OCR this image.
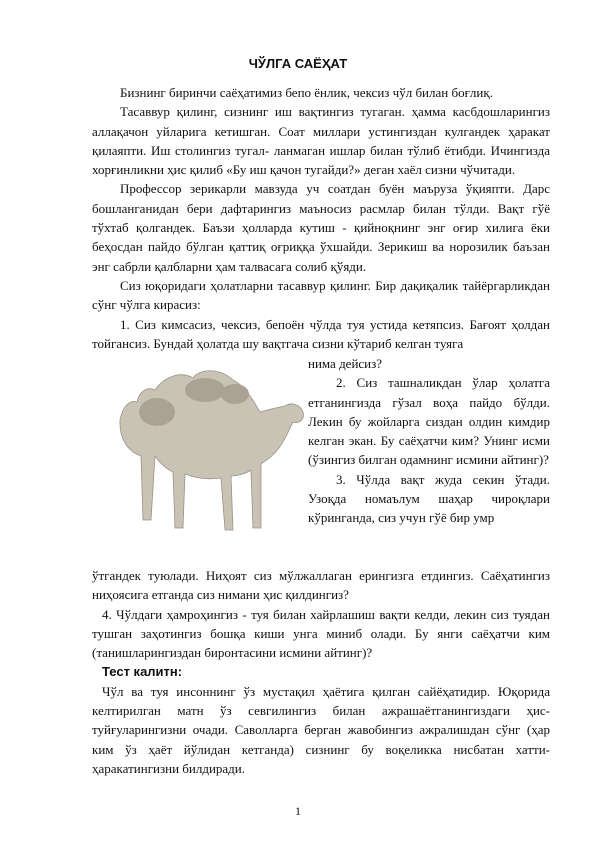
ЧЎЛГА САЁҲАТ

Бизнинг биринчи саёҳатимиз бепо ёнлик, чексиз чўл билан боғлиқ.

Тасаввур қилинг, сизнинг иш вақтингиз тугаган. ҳамма касбдошларингиз аллақачон уйларига кетишган. Соат миллари устингиздан кулгандек ҳаракат қилаяпти. Иш столингиз тугал- ланмаган ишлар билан тўлиб ётибди. Ичингизда хорғинликни ҳис қилиб «Бу иш қачон тугайди?» деган хаёл сизни чўчитади.

Профессор зерикарли мавзуда уч соатдан буён маъруза ўқияпти. Дарс бошланганидан бери дафтарингиз маъносиз расмлар билан тўлди. Вақт гўё тўхтаб қолгандек. Баъзи ҳолларда кутиш - қийноқнинг энг оғир хилига ёки беҳосдан пайдо бўлган қаттиқ оғриққа ўхшайди. Зерикиш ва норозилик баъзан энг сабрли қалбларни ҳам талвасага солиб қўяди.

Сиз юқоридаги ҳолатларни тасаввур қилинг. Бир дақиқалик тайёргарликдан сўнг чўлга кирасиз:

1. Сиз кимсасиз, чексиз, бепоён чўлда туя устида кетяпсиз. Бағоят ҳолдан тойгансиз. Бундай ҳолатда шу вақтгача сизни кўтариб келган туяга

нима дейсиз?

2. Сиз ташналикдан ўлар ҳолатга етганингизда гўзал воҳа пайдо бўлди. Лекин бу жойларга сиздан олдин кимдир келган экан. Бу саёҳатчи ким? Унинг исми (ўзингиз билган одамнинг исмини айтинг)?

3. Чўлда вақт жуда секин ўтади. Узоқда номаълум шаҳар чироқлари кўринганда, сиз учун гўё бир умр

ўтгандек туюлади. Ниҳоят сиз мўлжаллаган ерингизга етдингиз. Саёҳатингиз ниҳоясига етганда сиз нимани ҳис қилдингиз?

4. Чўлдаги ҳамроҳингиз - туя билан хайрлашиш вақти келди, лекин сиз туядан тушган заҳотингиз бошқа киши унга миниб олади. Бу янги саёҳатчи ким (танишларингиздан биронтасини исмини айтинг)?

Тест калитн:

Чўл ва туя инсоннинг ўз мустақил ҳаётига қилган сайёҳатидир. Юқорида келтирилган матн ўз севгилингиз билан ажрашаётганингиздаги ҳис-туйғуларингизни очади. Саволларга берган жавобингиз ажралишдан сўнг (ҳар ким ўз ҳаёт йўлидан кетганда) сизнинг бу воқеликка нисбатан хатти-ҳаракатингизни билдиради.

1
